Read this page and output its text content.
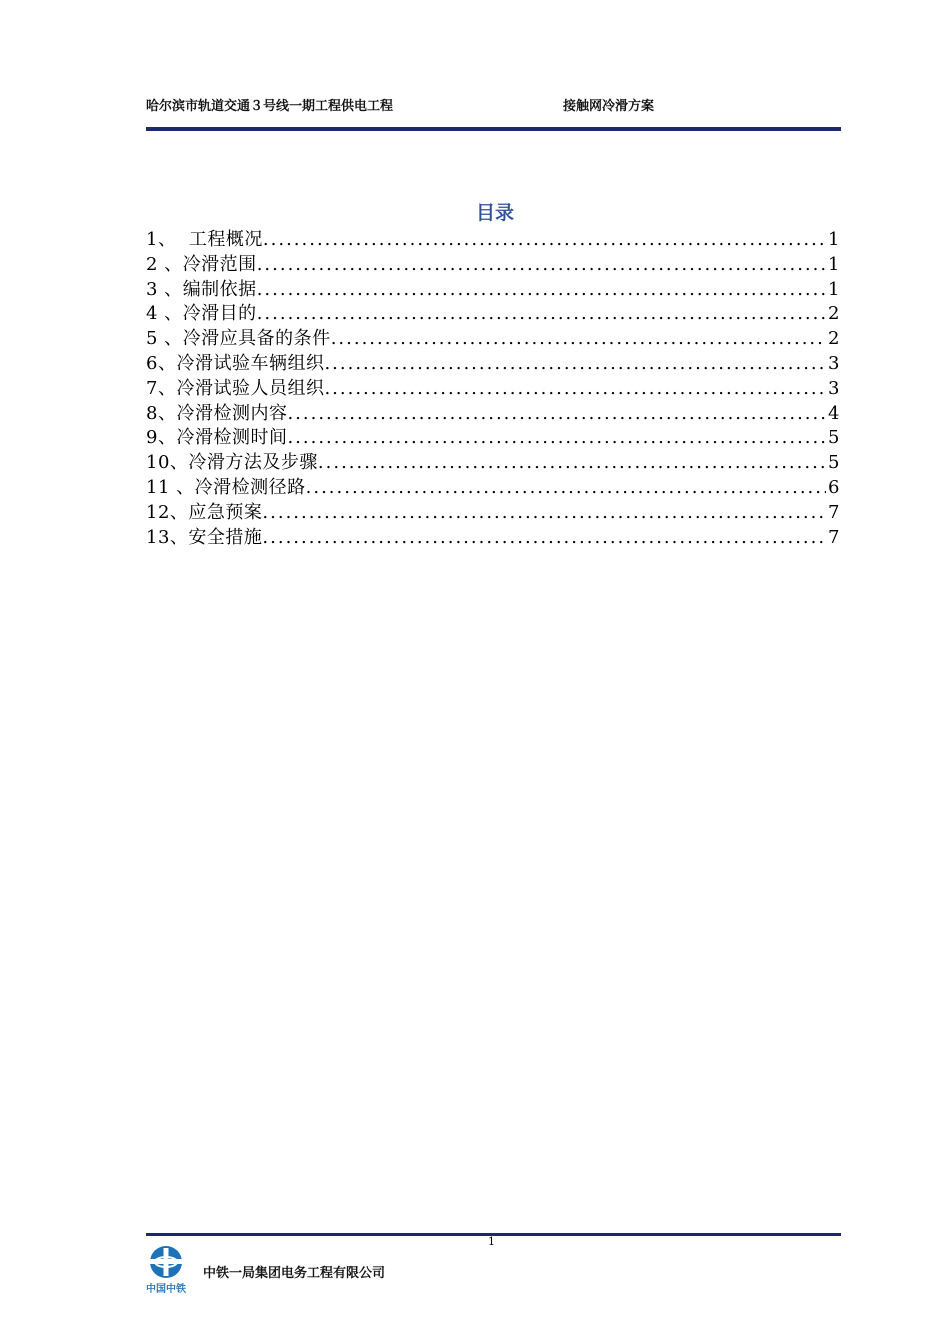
哈尔滨市轨道交通３号线一期工程供电工程	接触网冷滑方案
目录
1、 工程概况 .....	1
2 、 冷滑范围 .....	1
3 、 编制依据 .....	1
4 、 冷滑目的 .....	2
5 、 冷滑应具备的条件 .....	2
6、 冷滑试验车辆组织 .....	3
7、 冷滑试验人员组织 .....	3
8、 冷滑检测内容 .....	4
9、 冷滑检测时间 .....	5
10、 冷滑方法及步骤 .....	5
11 、 冷滑检测径路 .....	6
12、 应急预案 .....	7
13、 安全措施 .....	7
1
中国中铁
中铁一局集团电务工程有限公司
